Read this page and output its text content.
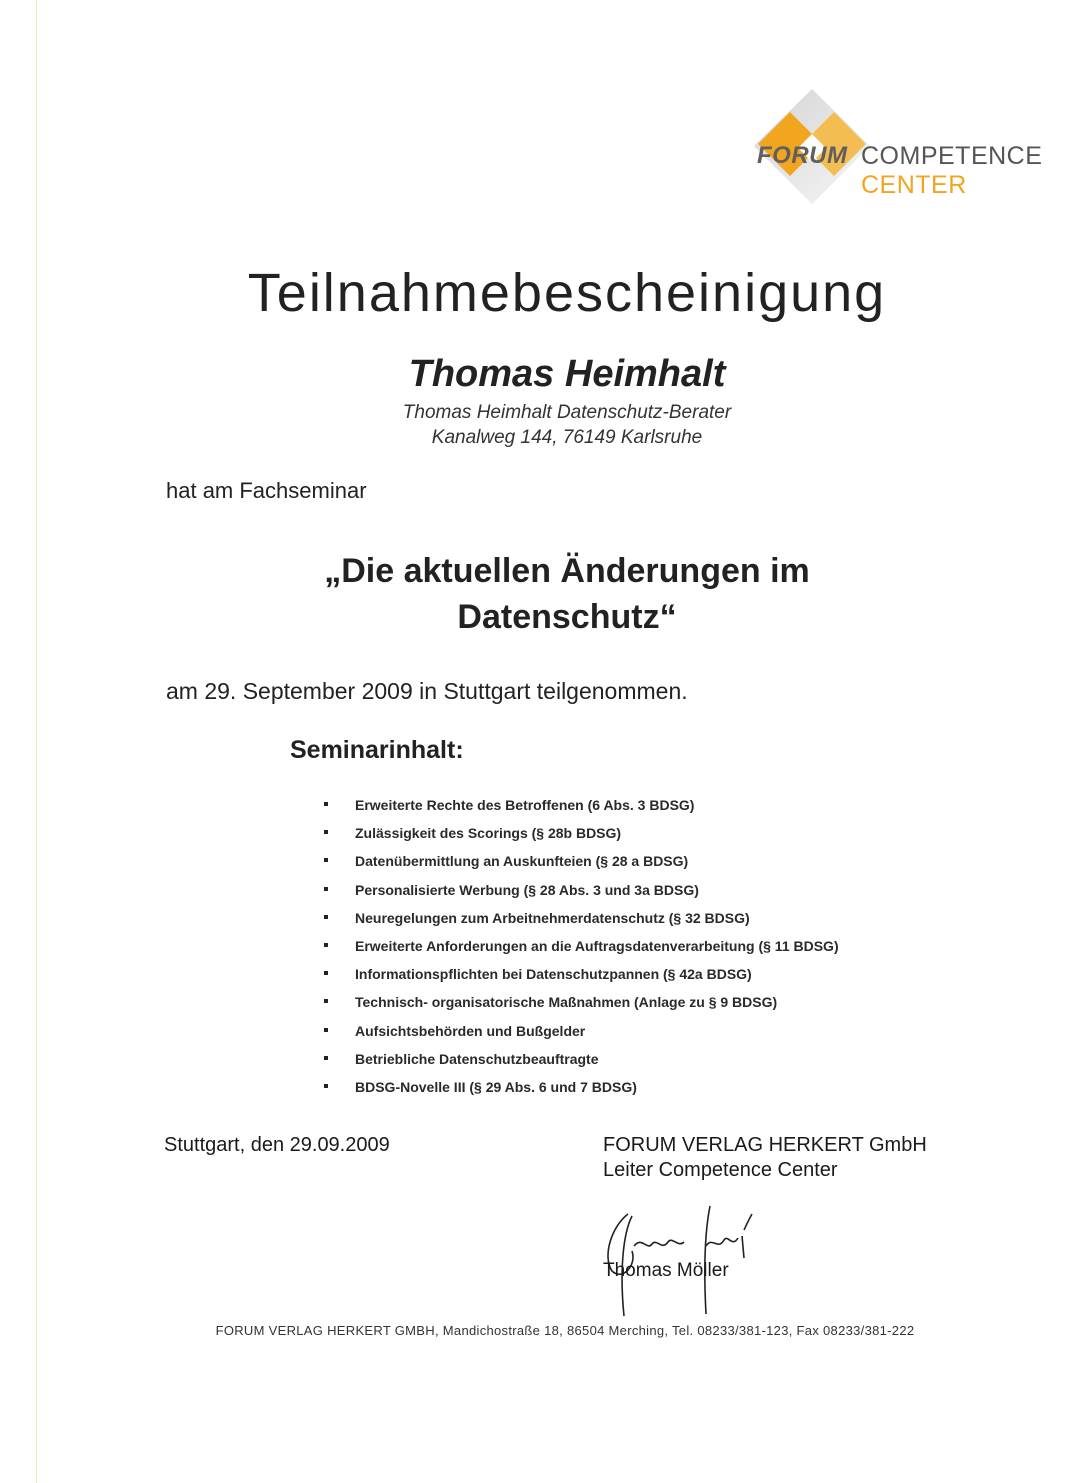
FORUM COMPETENCE
CENTER
Teilnahmebescheinigung
Thomas Heimhalt
Thomas Heimhalt Datenschutz-Berater
Kanalweg 144, 76149 Karlsruhe
hat am Fachseminar
„Die aktuellen Änderungen im
Datenschutz“
am 29. September 2009 in Stuttgart teilgenommen.
Seminarinhalt:
Erweiterte Rechte des Betroffenen (6 Abs. 3 BDSG)
Zulässigkeit des Scorings (§ 28b BDSG)
Datenübermittlung an Auskunfteien (§ 28 a BDSG)
Personalisierte Werbung (§ 28 Abs. 3 und 3a BDSG)
Neuregelungen zum Arbeitnehmerdatenschutz (§ 32 BDSG)
Erweiterte Anforderungen an die Auftragsdatenverarbeitung (§ 11 BDSG)
Informationspflichten bei Datenschutzpannen (§ 42a BDSG)
Technisch- organisatorische Maßnahmen (Anlage zu § 9 BDSG)
Aufsichtsbehörden und Bußgelder
Betriebliche Datenschutzbeauftragte
BDSG-Novelle III (§ 29 Abs. 6 und 7 BDSG)
Stuttgart, den 29.09.2009	FORUM VERLAG HERKERT GmbH
Leiter Competence Center
Thomas Möller
FORUM VERLAG HERKERT GMBH, Mandichostraße 18, 86504 Merching, Tel. 08233/381-123, Fax 08233/381-222
